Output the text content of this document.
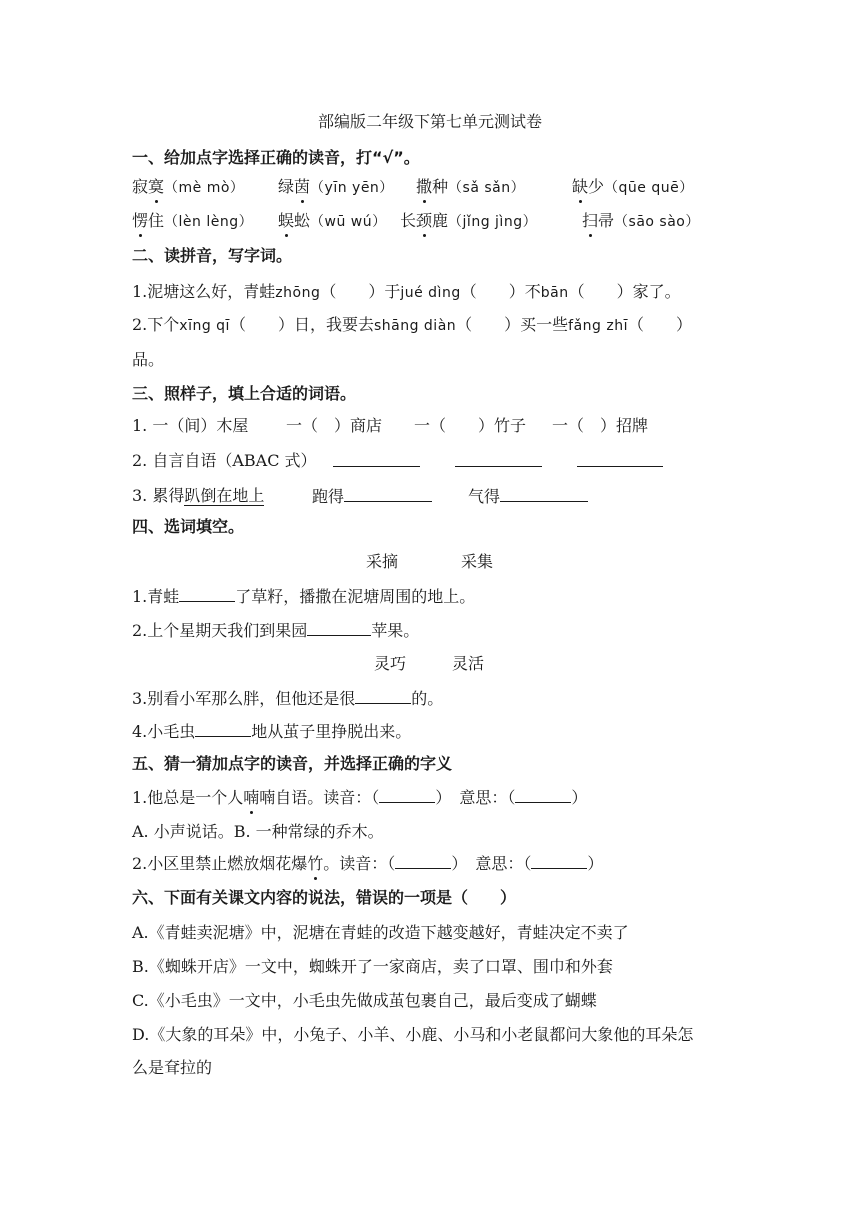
部编版二年级下第七单元测试卷
一、给加点字选择正确的读音，打“√”。
寂寞（mè mò） 绿茵（yīn yēn） 撒种（sǎ sǎn）	缺少（qūe quē）
愣住（lèn lèng） 蜈蚣（wū wú） 长颈鹿（jǐng jìng）	扫帚（sāo sào）
二、读拼音，写字词。
1.泥塘这么好，青蛙zhōng（　　）于jué dìng（　　）不bān（　　）家了。
2.下个xīng qī（　　）日，我要去shāng diàn（　　）买一些fǎng zhī（　　）
品。
三、照样子，填上合适的词语。
1. 一（间）木屋 一（　）商店 一（　　）竹子 一（　）招牌
2. 自言自语（ABAC 式）
3. 累得趴倒在地上	跑得	气得
四、选词填空。
采摘	采集
1.青蛙	了草籽，播撒在泥塘周围的地上。
2.上个星期天我们到果园	苹果。
灵巧	灵活
3.别看小军那么胖，但他还是很	的。
4.小毛虫	地从茧子里挣脱出来。
五、猜一猜加点字的读音，并选择正确的字义
1.他总是一个人喃喃自语。读音：（	）　意思：（	）
A. 小声说话。B. 一种常绿的乔木。
2.小区里禁止燃放烟花爆竹。读音：（	）　意思：（	）
六、下面有关课文内容的说法，错误的一项是（　　）
A.《青蛙卖泥塘》中，泥塘在青蛙的改造下越变越好，青蛙决定不卖了
B.《蜘蛛开店》一文中，蜘蛛开了一家商店，卖了口罩、围巾和外套
C.《小毛虫》一文中，小毛虫先做成茧包裹自己，最后变成了蝴蝶
D.《大象的耳朵》中，小兔子、小羊、小鹿、小马和小老鼠都问大象他的耳朵怎
么是耷拉的
